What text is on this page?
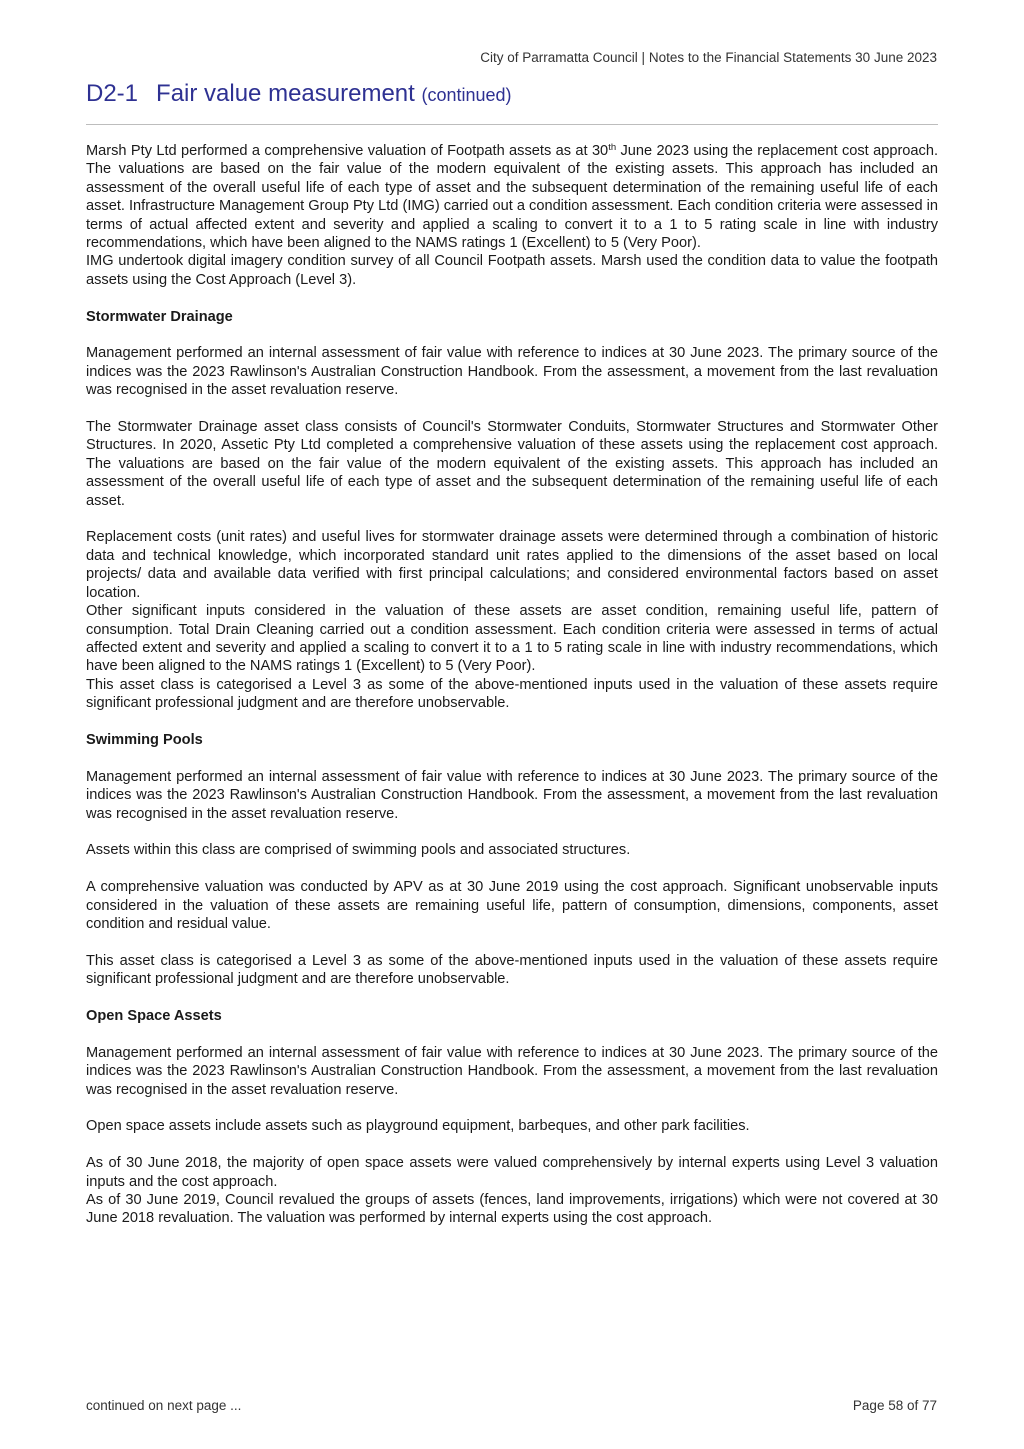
City of Parramatta Council | Notes to the Financial Statements 30 June 2023
D2-1 Fair value measurement (continued)

Marsh Pty Ltd performed a comprehensive valuation of Footpath assets as at 30th June 2023 using the replacement cost approach. The valuations are based on the fair value of the modern equivalent of the existing assets. This approach has included an assessment of the overall useful life of each type of asset and the subsequent determination of the remaining useful life of each asset. Infrastructure Management Group Pty Ltd (IMG) carried out a condition assessment. Each condition criteria were assessed in terms of actual affected extent and severity and applied a scaling to convert it to a 1 to 5 rating scale in line with industry recommendations, which have been aligned to the NAMS ratings 1 (Excellent) to 5 (Very Poor).

IMG undertook digital imagery condition survey of all Council Footpath assets. Marsh used the condition data to value the footpath assets using the Cost Approach (Level 3).

Stormwater Drainage

Management performed an internal assessment of fair value with reference to indices at 30 June 2023. The primary source of the indices was the 2023 Rawlinson's Australian Construction Handbook. From the assessment, a movement from the last revaluation was recognised in the asset revaluation reserve.

The Stormwater Drainage asset class consists of Council's Stormwater Conduits, Stormwater Structures and Stormwater Other Structures. In 2020, Assetic Pty Ltd completed a comprehensive valuation of these assets using the replacement cost approach. The valuations are based on the fair value of the modern equivalent of the existing assets. This approach has included an assessment of the overall useful life of each type of asset and the subsequent determination of the remaining useful life of each asset.

Replacement costs (unit rates) and useful lives for stormwater drainage assets were determined through a combination of historic data and technical knowledge, which incorporated standard unit rates applied to the dimensions of the asset based on local projects/ data and available data verified with first principal calculations; and considered environmental factors based on asset location.

Other significant inputs considered in the valuation of these assets are asset condition, remaining useful life, pattern of consumption. Total Drain Cleaning carried out a condition assessment. Each condition criteria were assessed in terms of actual affected extent and severity and applied a scaling to convert it to a 1 to 5 rating scale in line with industry recommendations, which have been aligned to the NAMS ratings 1 (Excellent) to 5 (Very Poor).

This asset class is categorised a Level 3 as some of the above-mentioned inputs used in the valuation of these assets require significant professional judgment and are therefore unobservable.

Swimming Pools

Management performed an internal assessment of fair value with reference to indices at 30 June 2023. The primary source of the indices was the 2023 Rawlinson's Australian Construction Handbook. From the assessment, a movement from the last revaluation was recognised in the asset revaluation reserve.

Assets within this class are comprised of swimming pools and associated structures.

A comprehensive valuation was conducted by APV as at 30 June 2019 using the cost approach. Significant unobservable inputs considered in the valuation of these assets are remaining useful life, pattern of consumption, dimensions, components, asset condition and residual value.

This asset class is categorised a Level 3 as some of the above-mentioned inputs used in the valuation of these assets require significant professional judgment and are therefore unobservable.

Open Space Assets

Management performed an internal assessment of fair value with reference to indices at 30 June 2023. The primary source of the indices was the 2023 Rawlinson's Australian Construction Handbook. From the assessment, a movement from the last revaluation was recognised in the asset revaluation reserve.

Open space assets include assets such as playground equipment, barbeques, and other park facilities.

As of 30 June 2018, the majority of open space assets were valued comprehensively by internal experts using Level 3 valuation inputs and the cost approach.

As of 30 June 2019, Council revalued the groups of assets (fences, land improvements, irrigations) which were not covered at 30 June 2018 revaluation. The valuation was performed by internal experts using the cost approach.

continued on next page ...	Page 58 of 77
